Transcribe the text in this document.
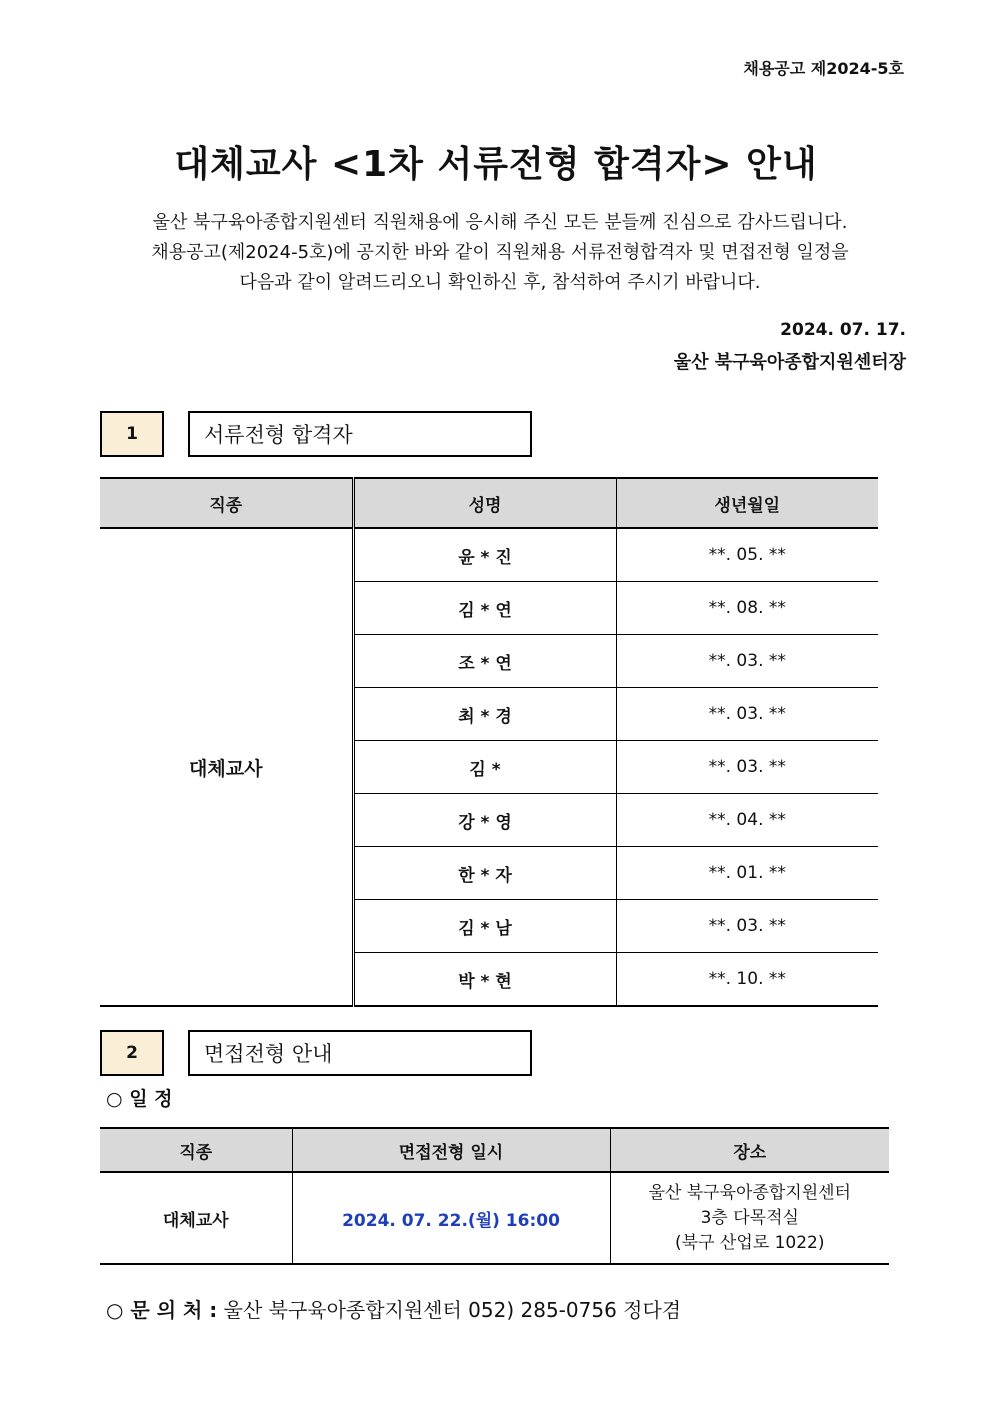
채용공고 제2024-5호
대체교사 <1차 서류전형 합격자> 안내
울산 북구육아종합지원센터 직원채용에 응시해 주신 모든 분들께 진심으로 감사드립니다.
채용공고(제2024-5호)에 공지한 바와 같이 직원채용 서류전형합격자 및 면접전형 일정을
다음과 같이 알려드리오니 확인하신 후, 참석하여 주시기 바랍니다.
2024. 07. 17.
울산 북구육아종합지원센터장
1	서류전형 합격자
직종	성명	생년월일
대체교사	윤 * 진	**. 05. **
	김 * 연	**. 08. **
	조 * 연	**. 03. **
	최 * 경	**. 03. **
	김 *	**. 03. **
	강 * 영	**. 04. **
	한 * 자	**. 01. **
	김 * 남	**. 03. **
	박 * 현	**. 10. **
2	면접전형 안내
○ 일 정
직종	면접전형 일시	장소
대체교사	2024. 07. 22.(월) 16:00	울산 북구육아종합지원센터
3층 다목적실
(북구 산업로 1022)
○ 문 의 처 : 울산 북구육아종합지원센터 052) 285-0756 정다겸
